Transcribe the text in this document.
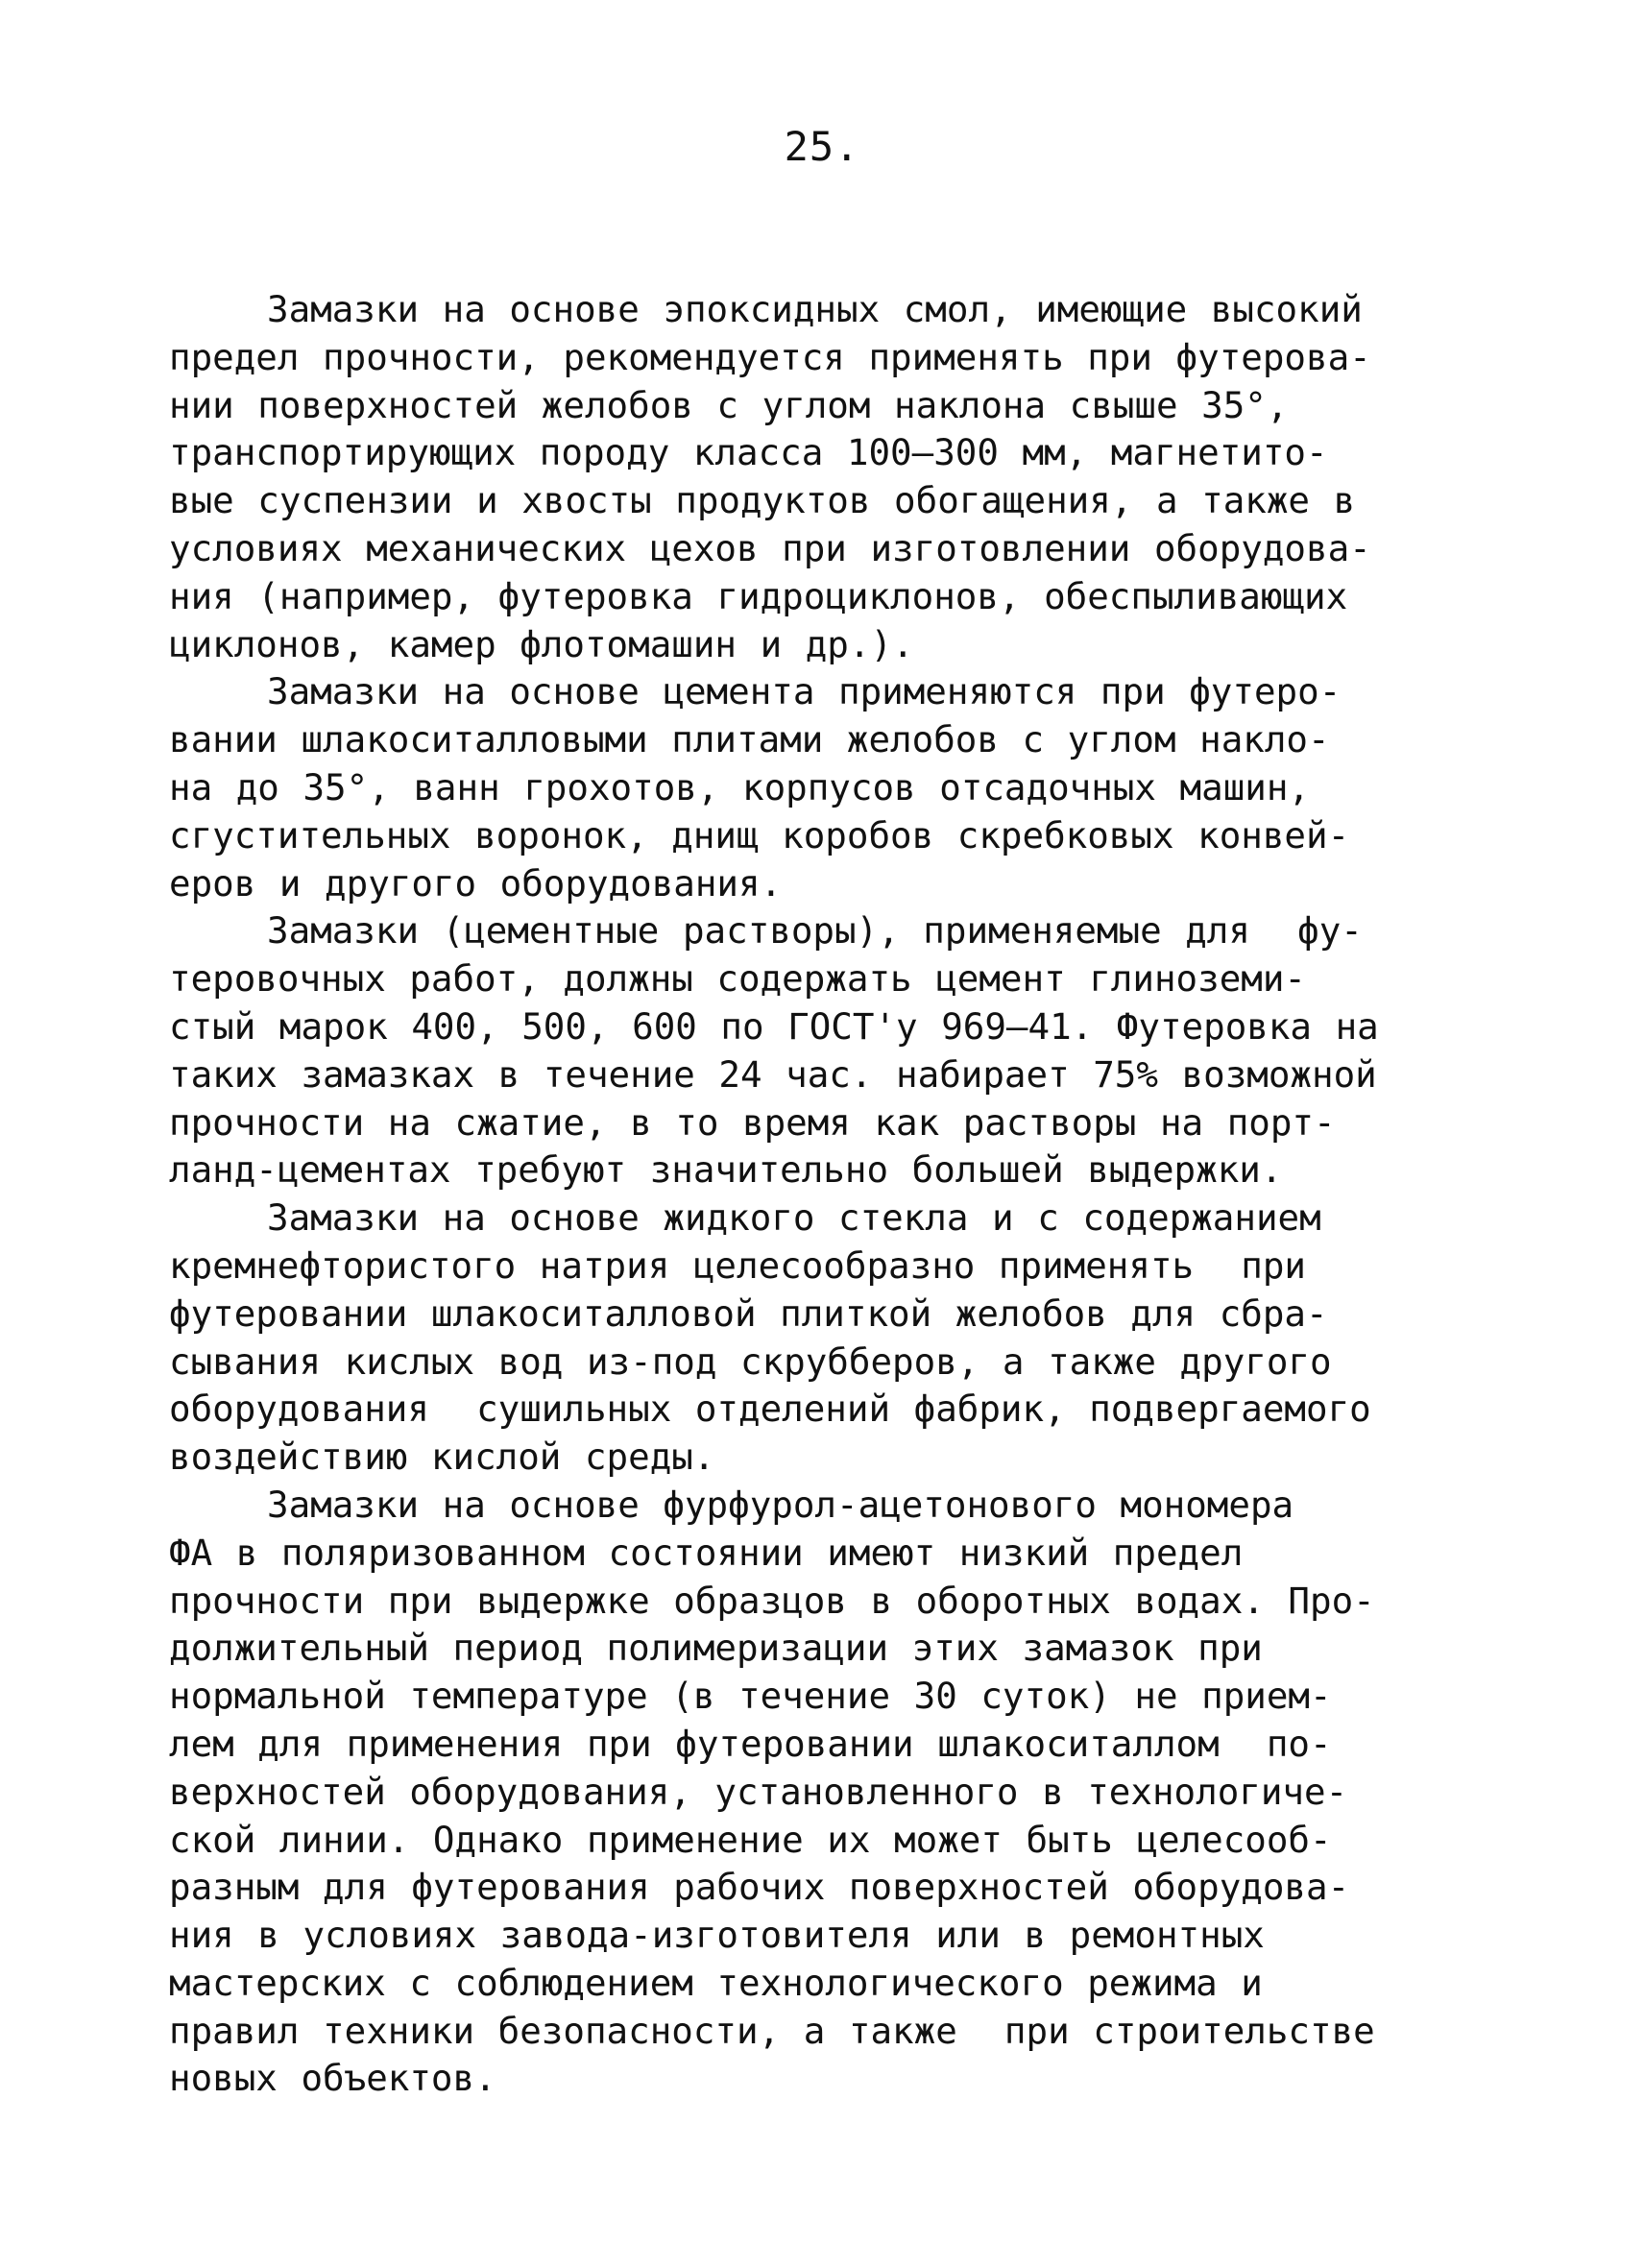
25.
Замазки на основе эпоксидных смол, имеющие высокий
предел прочности, рекомендуется применять при футерова-
нии поверхностей желобов с углом наклона свыше 35°,
транспортирующих породу класса 100–300 мм, магнетито-
вые суспензии и хвосты продуктов обогащения, а также в
условиях механических цехов при изготовлении оборудова-
ния (например, футеровка гидроциклонов, обеспыливающих
циклонов, камер флотомашин и др.).
Замазки на основе цемента применяются при футеро-
вании шлакоситалловыми плитами желобов с углом накло-
на до 35°, ванн грохотов, корпусов отсадочных машин,
сгустительных воронок, днищ коробов скребковых конвей-
еров и другого оборудования.
Замазки (цементные растворы), применяемые для  фу-
теровочных работ, должны содержать цемент глиноземи-
стый марок 400, 500, 600 по ГОСТ'у 969–41. Футеровка на
таких замазках в течение 24 час. набирает 75% возможной
прочности на сжатие, в то время как растворы на порт-
ланд-цементах требуют значительно большей выдержки.
Замазки на основе жидкого стекла и с содержанием
кремнефтористого натрия целесообразно применять  при
футеровании шлакоситалловой плиткой желобов для сбра-
сывания кислых вод из-под скрубберов, а также другого
оборудования  сушильных отделений фабрик, подвергаемого
воздействию кислой среды.
Замазки на основе фурфурол-ацетонового мономера
ФА в поляризованном состоянии имеют низкий предел
прочности при выдержке образцов в оборотных водах. Про-
должительный период полимеризации этих замазок при
нормальной температуре (в течение 30 суток) не прием-
лем для применения при футеровании шлакоситаллом  по-
верхностей оборудования, установленного в технологиче-
ской линии. Однако применение их может быть целесооб-
разным для футерования рабочих поверхностей оборудова-
ния в условиях завода-изготовителя или в ремонтных
мастерских с соблюдением технологического режима и
правил техники безопасности, а также  при строительстве
новых объектов.
